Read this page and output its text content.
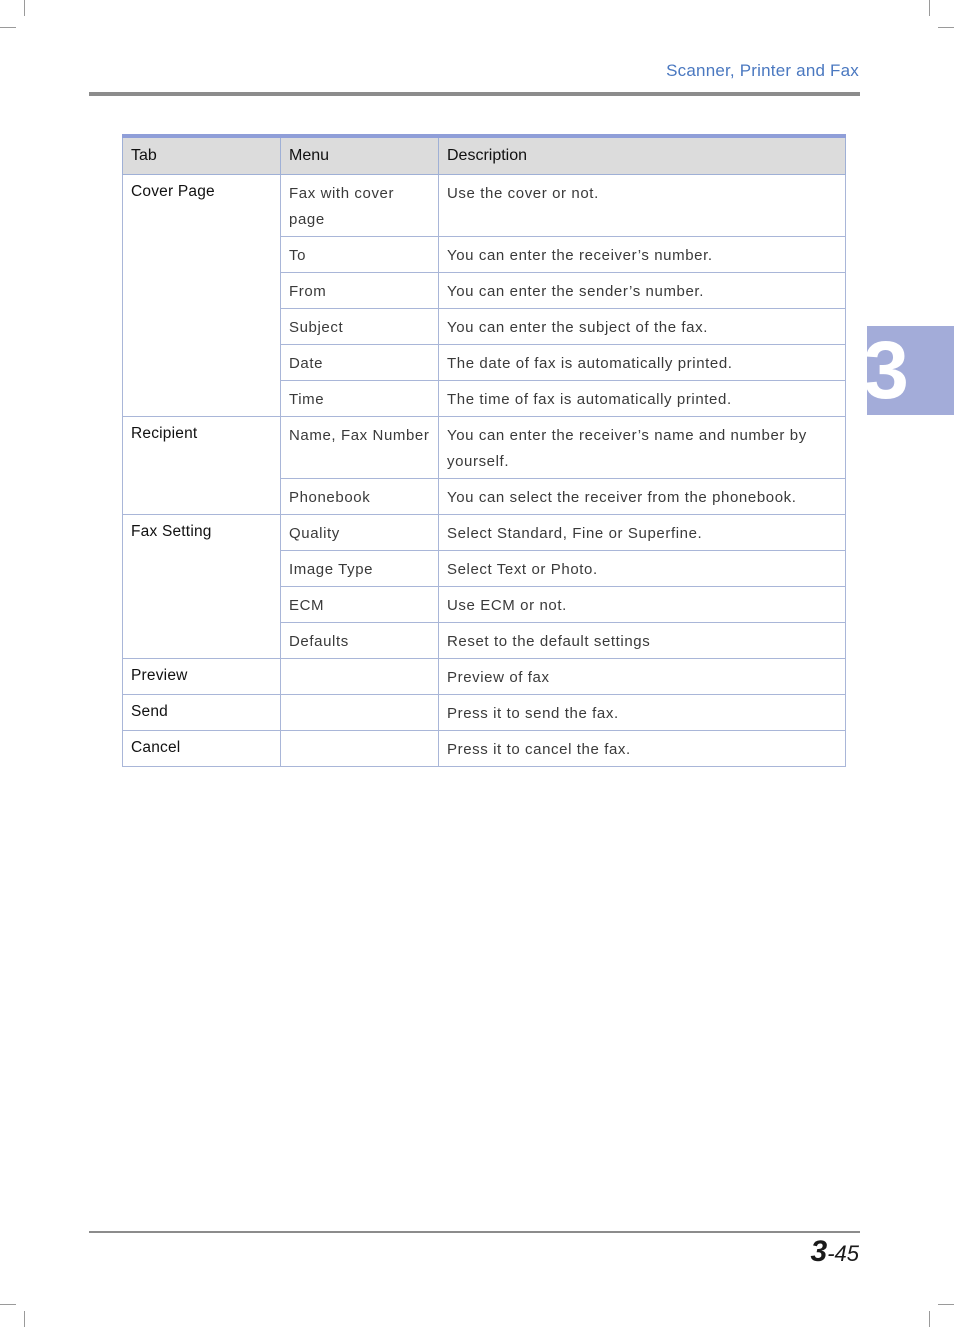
Scanner, Printer and Fax
3
Tab	Menu	Description
Cover Page	Fax with cover page	Use the cover or not.
	To	You can enter the receiver’s number.
	From	You can enter the sender’s number.
	Subject	You can enter the subject of the fax.
	Date	The date of fax is automatically printed.
	Time	The time of fax is automatically printed.
Recipient	Name, Fax Number	You can enter the receiver’s name and number by yourself.
	Phonebook	You can select the receiver from the phonebook.
Fax Setting	Quality	Select Standard, Fine or Superfine.
	Image Type	Select Text or Photo.
	ECM	Use ECM or not.
	Defaults	Reset to the default settings
Preview		Preview of fax
Send		Press it to send the fax.
Cancel		Press it to cancel the fax.
3-45
